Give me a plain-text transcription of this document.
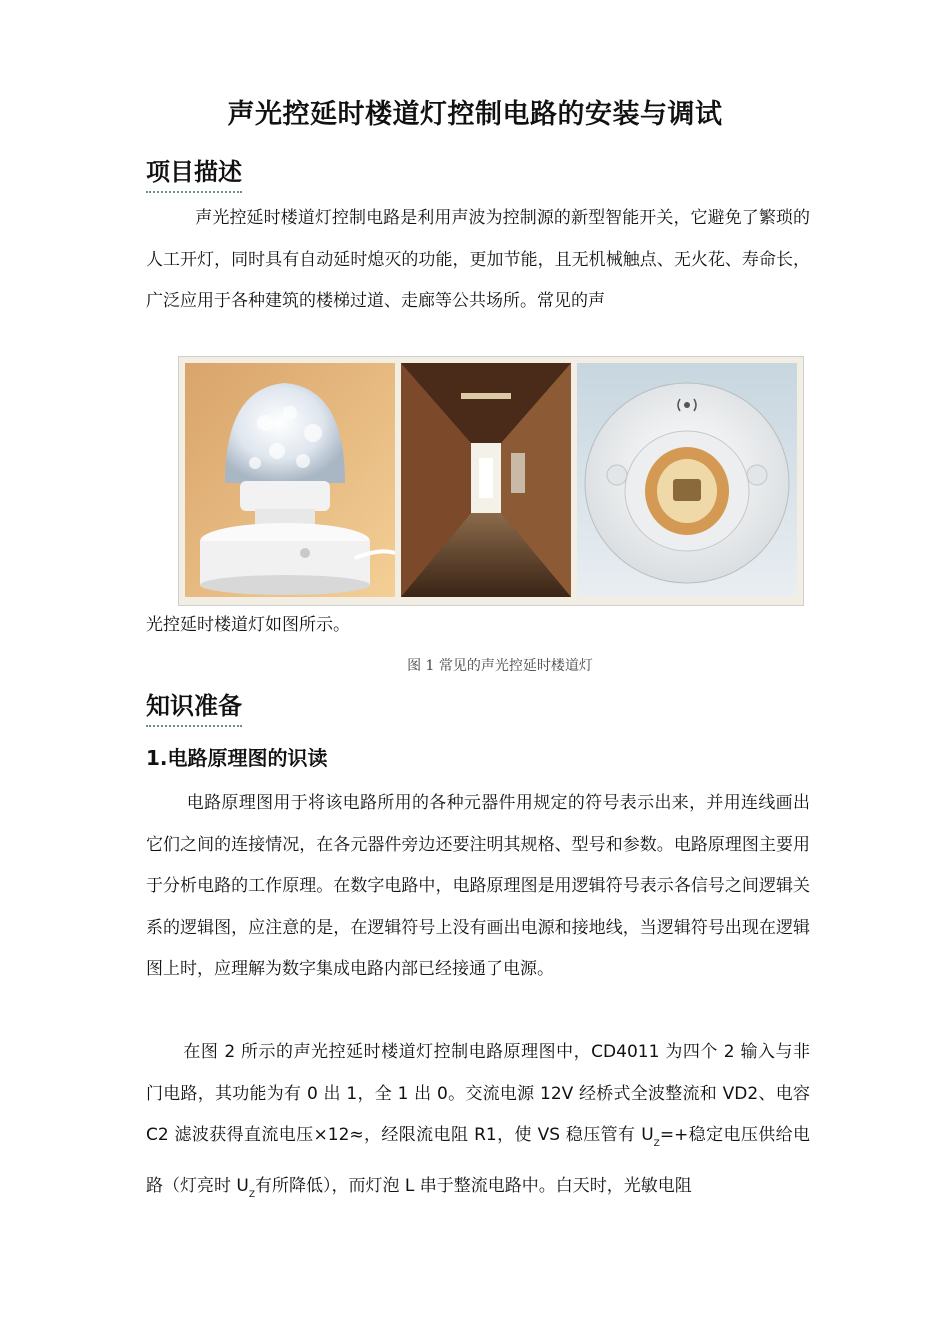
声光控延时楼道灯控制电路的安装与调试
项目描述

声光控延时楼道灯控制电路是利用声波为控制源的新型智能开关，它避免了繁琐的人工开灯，同时具有自动延时熄灭的功能，更加节能，且无机械触点、无火花、寿命长，广泛应用于各种建筑的楼梯过道、走廊等公共场所。常见的声

光控延时楼道灯如图所示。

图 1 常见的声光控延时楼道灯
知识准备
1.电路原理图的识读

电路原理图用于将该电路所用的各种元器件用规定的符号表示出来，并用连线画出它们之间的连接情况，在各元器件旁边还要注明其规格、型号和参数。电路原理图主要用于分析电路的工作原理。在数字电路中，电路原理图是用逻辑符号表示各信号之间逻辑关系的逻辑图，应注意的是，在逻辑符号上没有画出电源和接地线，当逻辑符号出现在逻辑图上时，应理解为数字集成电路内部已经接通了电源。

在图 2 所示的声光控延时楼道灯控制电路原理图中，CD4011 为四个 2 输入与非门电路，其功能为有 0 出 1，全 1 出 0。交流电源 12V 经桥式全波整流和 VD2、电容 C2 滤波获得直流电压×12≈，经限流电阻 R1，使 VS 稳压管有 $U_Z=+$稳定电压供给电路（灯亮时 $U_Z$有所降低），而灯泡 L 串于整流电路中。白天时，光敏电阻
